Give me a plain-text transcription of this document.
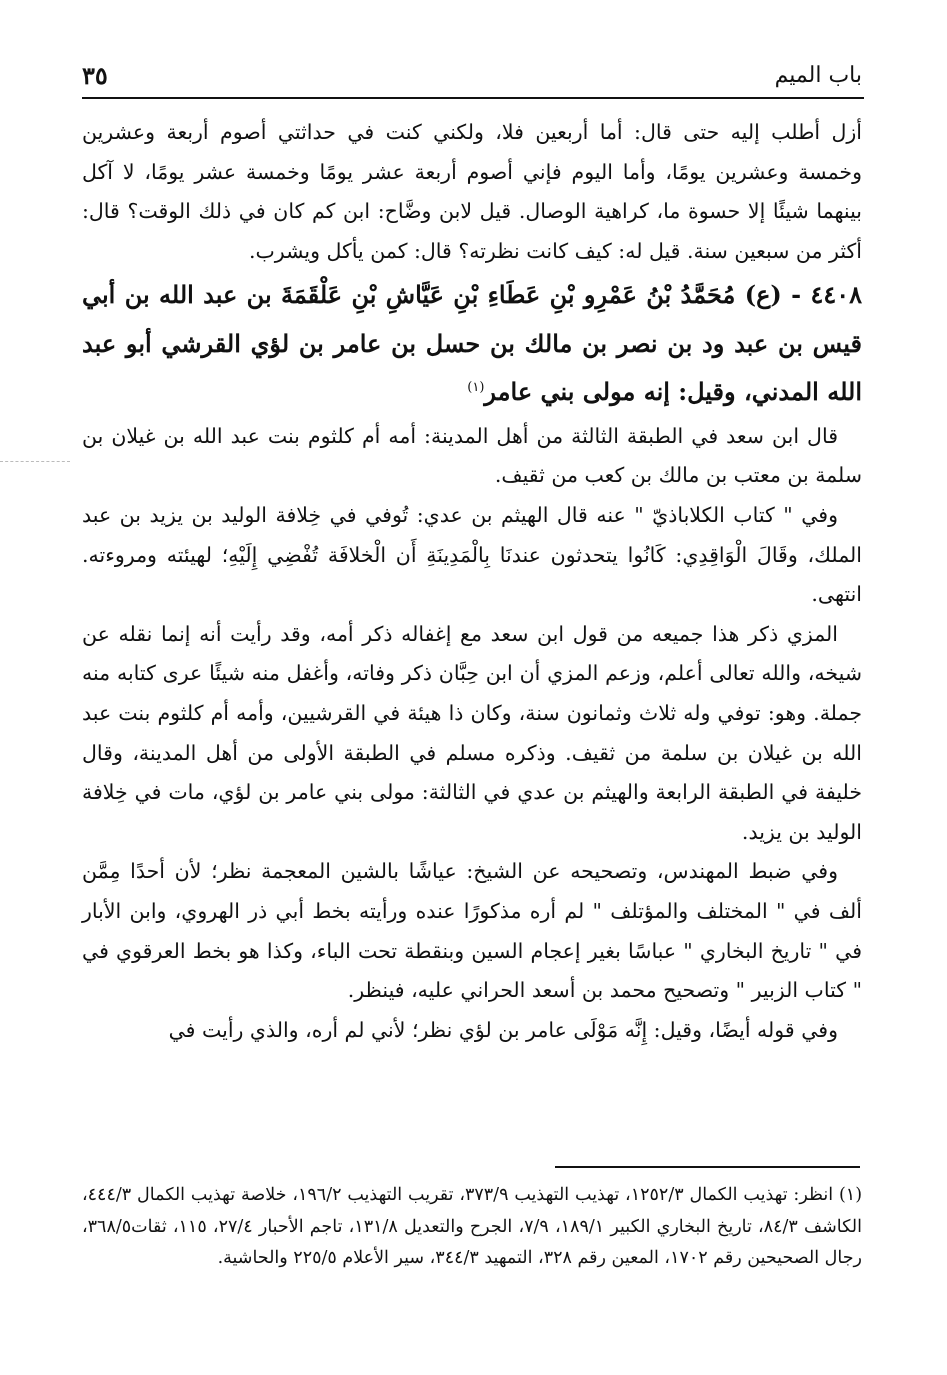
باب الميم
٣٥

أزل أطلب إليه حتى قال: أما أربعين فلا، ولكني كنت في حداثتي أصوم أربعة وعشرين وخمسة وعشرين يومًا، وأما اليوم فإني أصوم أربعة عشر يومًا وخمسة عشر يومًا، لا آكل بينهما شيئًا إلا حسوة ما، كراهية الوصال. قيل لابن وضَّاح: ابن كم كان في ذلك الوقت؟ قال: أكثر من سبعين سنة. قيل له: كيف كانت نظرته؟ قال: كمن يأكل ويشرب.

٤٤٠٨ - (ع) مُحَمَّدُ بْنُ عَمْرِو بْنِ عَطَاءِ بْنِ عَيَّاشِ بْنِ عَلْقَمَةَ بن عبد الله بن أبي قيس بن عبد ود بن نصر بن مالك بن حسل بن عامر بن لؤي القرشي أبو عبد الله المدني، وقيل: إنه مولى بني عامر$^{(١)}$

قال ابن سعد في الطبقة الثالثة من أهل المدينة: أمه أم كلثوم بنت عبد الله بن غيلان بن سلمة بن معتب بن مالك بن كعب من ثقيف.

وفي " كتاب الكلاباذيّ " عنه قال الهيثم بن عدي: تُوفي في خِلافة الوليد بن يزيد بن عبد الملك، وقَالَ الْوَاقِدِي: كَانُوا يتحدثون عندنَا بِالْمَدِينَةِ أَن الْخلافَة تُفْضِي إِلَيْهِ؛ لهيئته ومروءته. انتهى.

المزي ذكر هذا جميعه من قول ابن سعد مع إغفاله ذكر أمه، وقد رأيت أنه إنما نقله عن شيخه، والله تعالى أعلم، وزعم المزي أن ابن حِبَّان ذكر وفاته، وأغفل منه شيئًا عرى كتابه منه جملة. وهو: توفي وله ثلاث وثمانون سنة، وكان ذا هيئة في القرشيين، وأمه أم كلثوم بنت عبد الله بن غيلان بن سلمة من ثقيف. وذكره مسلم في الطبقة الأولى من أهل المدينة، وقال خليفة في الطبقة الرابعة والهيثم بن عدي في الثالثة: مولى بني عامر بن لؤي، مات في خِلافة الوليد بن يزيد.

وفي ضبط المهندس، وتصحيحه عن الشيخ: عياشًا بالشين المعجمة نظر؛ لأن أحدًا مِمَّن ألف في " المختلف والمؤتلف " لم أره مذكورًا عنده ورأيته بخط أبي ذر الهروي، وابن الأبار في " تاريخ البخاري " عباسًا بغير إعجام السين وبنقطة تحت الباء، وكذا هو بخط العرقوي في " كتاب الزبير " وتصحيح محمد بن أسعد الحراني عليه، فينظر.

وفي قوله أيضًا، وقيل: إِنَّه مَوْلَى عامر بن لؤي نظر؛ لأني لم أره، والذي رأيت في

(١) انظر: تهذيب الكمال ١٢٥٢/٣، تهذيب التهذيب ٣٧٣/٩، تقريب التهذيب ١٩٦/٢، خلاصة تهذيب الكمال ٤٤٤/٣، الكاشف ٨٤/٣، تاريخ البخاري الكبير ١٨٩/١، ٧/٩، الجرح والتعديل ١٣١/٨، تاجم الأحبار ٢٧/٤، ١١٥، ثقات٣٦٨/٥، رجال الصحيحين رقم ١٧٠٢، المعين رقم ٣٢٨، التمهيد ٣٤٤/٣، سير الأعلام ٢٢٥/٥ والحاشية.
